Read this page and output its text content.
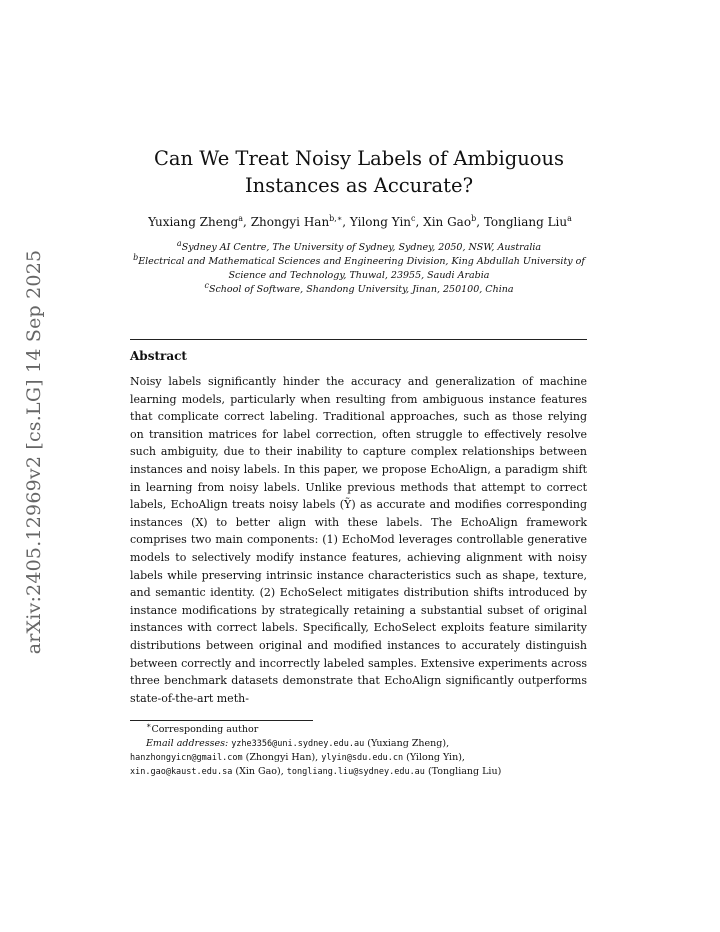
arXiv:2405.12969v2 [cs.LG] 14 Sep 2025
Can We Treat Noisy Labels of Ambiguous Instances as Accurate?
Yuxiang Zheng$^a$, Zhongyi Han$^{b,∗}$, Yilong Yin$^c$, Xin Gao$^b$, Tongliang Liu$^a$
$^a$Sydney AI Centre, The University of Sydney, Sydney, 2050, NSW, Australia
$^b$Electrical and Mathematical Sciences and Engineering Division, King Abdullah University of Science and Technology, Thuwal, 23955, Saudi Arabia
$^c$School of Software, Shandong University, Jinan, 250100, China
Abstract
Noisy labels significantly hinder the accuracy and generalization of machine learning models, particularly when resulting from ambiguous instance features that complicate correct labeling. Traditional approaches, such as those relying on transition matrices for label correction, often struggle to effectively resolve such ambiguity, due to their inability to capture complex relationships between instances and noisy labels. In this paper, we propose EchoAlign, a paradigm shift in learning from noisy labels. Unlike previous methods that attempt to correct labels, EchoAlign treats noisy labels (Ỹ) as accurate and modifies corresponding instances (X) to better align with these labels. The EchoAlign framework comprises two main components: (1) EchoMod leverages controllable generative models to selectively modify instance features, achieving alignment with noisy labels while preserving intrinsic instance characteristics such as shape, texture, and semantic identity. (2) EchoSelect mitigates distribution shifts introduced by instance modifications by strategically retaining a substantial subset of original instances with correct labels. Specifically, EchoSelect exploits feature similarity distributions between original and modified instances to accurately distinguish between correctly and incorrectly labeled samples. Extensive experiments across three benchmark datasets demonstrate that EchoAlign significantly outperforms state-of-the-art meth-
∗Corresponding author
Email addresses: yzhe3356@uni.sydney.edu.au (Yuxiang Zheng),
hanzhongyicn@gmail.com (Zhongyi Han), ylyin@sdu.edu.cn (Yilong Yin),
xin.gao@kaust.edu.sa (Xin Gao), tongliang.liu@sydney.edu.au (Tongliang Liu)
